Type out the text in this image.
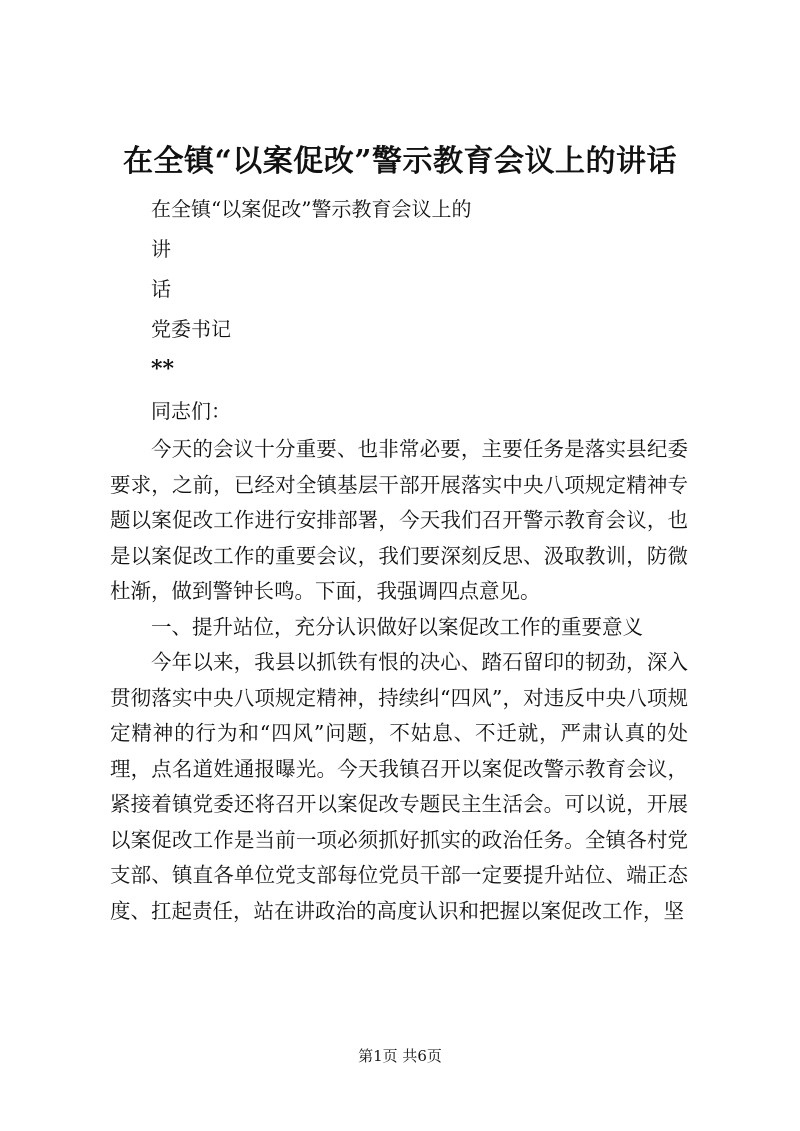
在全镇“以案促改”警示教育会议上的讲话
在全镇“以案促改”警示教育会议上的
讲
话
党委书记
**
同志们：
今天的会议十分重要、也非常必要，主要任务是落实县纪委要求，之前，已经对全镇基层干部开展落实中央八项规定精神专题以案促改工作进行安排部署，今天我们召开警示教育会议，也是以案促改工作的重要会议，我们要深刻反思、汲取教训，防微杜渐，做到警钟长鸣。下面，我强调四点意见。
一、提升站位，充分认识做好以案促改工作的重要意义
今年以来，我县以抓铁有恨的决心、踏石留印的韧劲，深入贯彻落实中央八项规定精神，持续纠“四风”，对违反中央八项规定精神的行为和“四风”问题，不姑息、不迁就，严肃认真的处理，点名道姓通报曝光。今天我镇召开以案促改警示教育会议，紧接着镇党委还将召开以案促改专题民主生活会。可以说，开展以案促改工作是当前一项必须抓好抓实的政治任务。全镇各村党支部、镇直各单位党支部每位党员干部一定要提升站位、端正态度、扛起责任，站在讲政治的高度认识和把握以案促改工作，坚
第1页 共6页
